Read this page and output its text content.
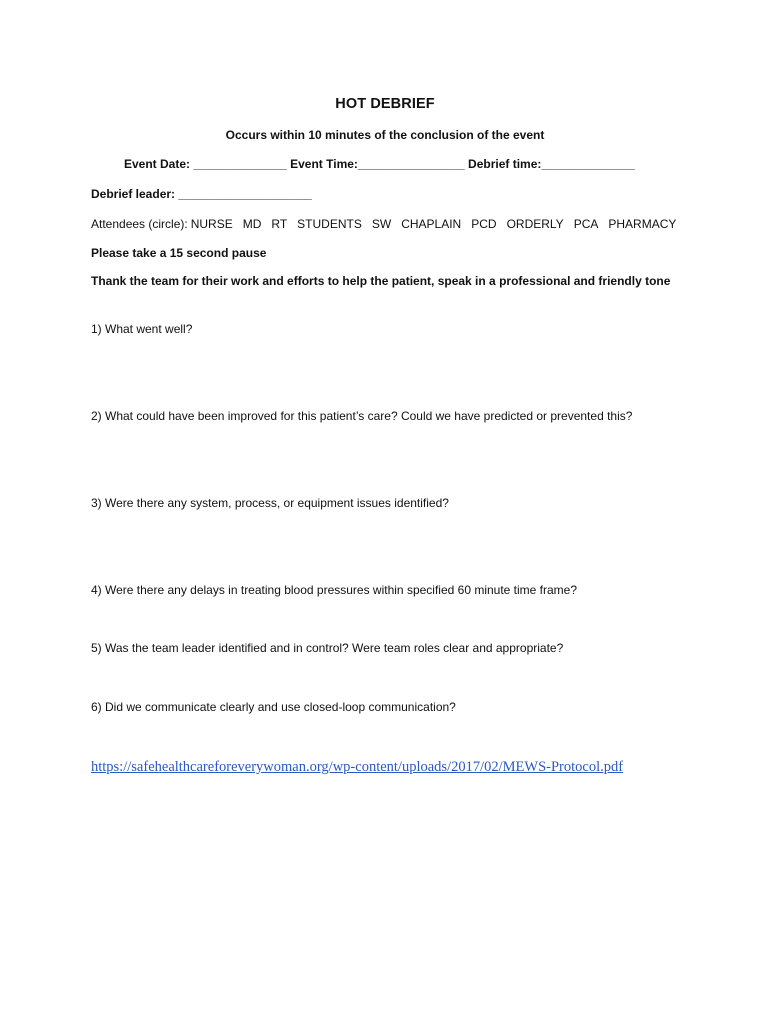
HOT DEBRIEF
Occurs within 10 minutes of the conclusion of the event
Event Date: ______________ Event Time:________________ Debrief time:______________
Debrief leader: ____________________
Attendees (circle): NURSE MD RT STUDENTS SW CHAPLAIN PCD ORDERLY PCA PHARMACY
Please take a 15 second pause
Thank the team for their work and efforts to help the patient, speak in a professional and friendly tone
1) What went well?
2) What could have been improved for this patient’s care? Could we have predicted or prevented this?
3) Were there any system, process, or equipment issues identified?
4) Were there any delays in treating blood pressures within specified 60 minute time frame?
5) Was the team leader identified and in control? Were team roles clear and appropriate?
6) Did we communicate clearly and use closed-loop communication?
https://safehealthcareforeverywoman.org/wp-content/uploads/2017/02/MEWS-Protocol.pdf
